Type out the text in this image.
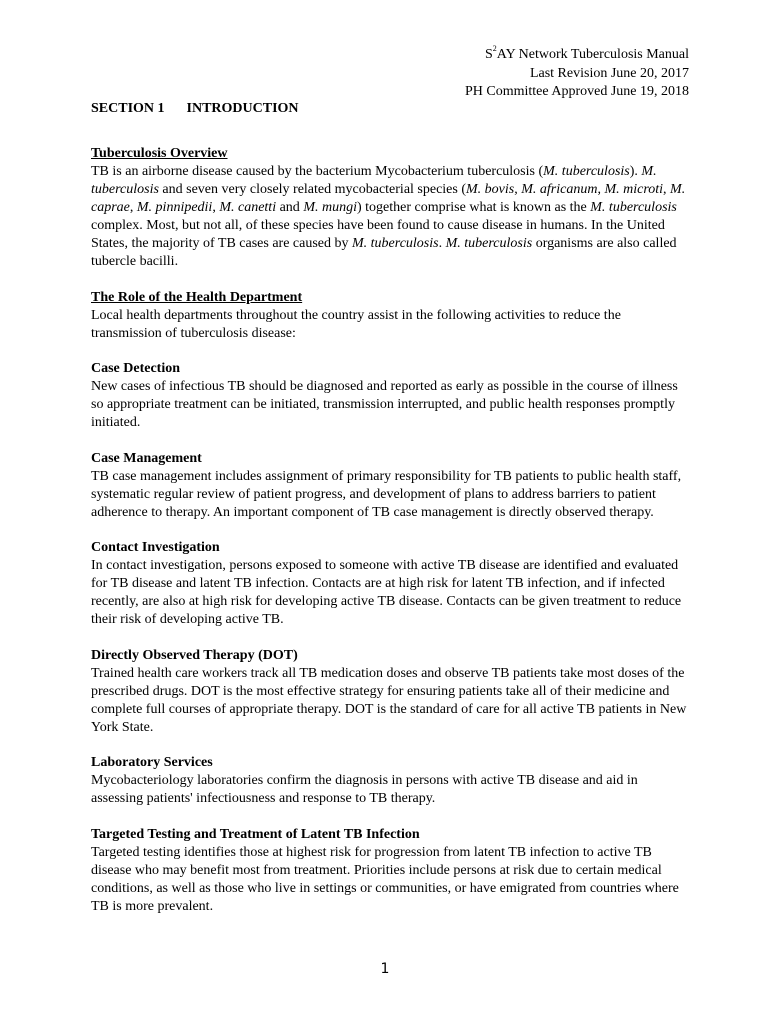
$S^2AY$ Network Tuberculosis Manual
Last Revision June 20, 2017
PH Committee Approved June 19, 2018
SECTION 1 INTRODUCTION
Tuberculosis Overview

TB is an airborne disease caused by the bacterium Mycobacterium tuberculosis (M. tuberculosis). M. tuberculosis and seven very closely related mycobacterial species (M. bovis, M. africanum, M. microti, M. caprae, M. pinnipedii, M. canetti and M. mungi) together comprise what is known as the M. tuberculosis complex. Most, but not all, of these species have been found to cause disease in humans. In the United States, the majority of TB cases are caused by M. tuberculosis. M. tuberculosis organisms are also called tubercle bacilli.

The Role of the Health Department

Local health departments throughout the country assist in the following activities to reduce the transmission of tuberculosis disease:

Case Detection

New cases of infectious TB should be diagnosed and reported as early as possible in the course of illness so appropriate treatment can be initiated, transmission interrupted, and public health responses promptly initiated.

Case Management

TB case management includes assignment of primary responsibility for TB patients to public health staff, systematic regular review of patient progress, and development of plans to address barriers to patient adherence to therapy. An important component of TB case management is directly observed therapy.

Contact Investigation

In contact investigation, persons exposed to someone with active TB disease are identified and evaluated for TB disease and latent TB infection. Contacts are at high risk for latent TB infection, and if infected recently, are also at high risk for developing active TB disease. Contacts can be given treatment to reduce their risk of developing active TB.

Directly Observed Therapy (DOT)

Trained health care workers track all TB medication doses and observe TB patients take most doses of the prescribed drugs. DOT is the most effective strategy for ensuring patients take all of their medicine and complete full courses of appropriate therapy. DOT is the standard of care for all active TB patients in New York State.

Laboratory Services

Mycobacteriology laboratories confirm the diagnosis in persons with active TB disease and aid in assessing patients' infectiousness and response to TB therapy.

Targeted Testing and Treatment of Latent TB Infection

Targeted testing identifies those at highest risk for progression from latent TB infection to active TB disease who may benefit most from treatment. Priorities include persons at risk due to certain medical conditions, as well as those who live in settings or communities, or have emigrated from countries where TB is more prevalent.

1
